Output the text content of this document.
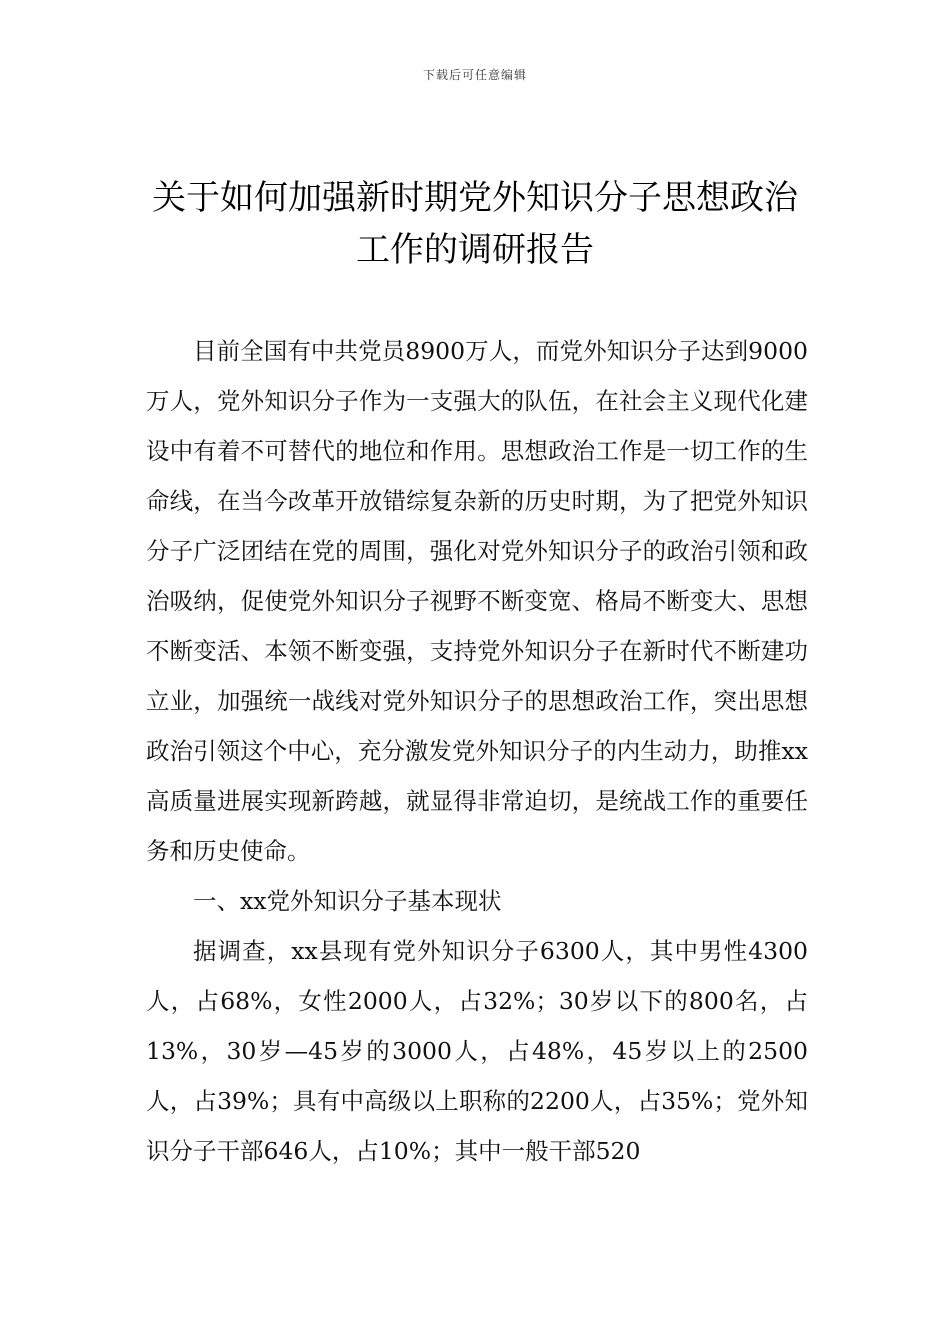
下载后可任意编辑
关于如何加强新时期党外知识分子思想政治工作的调研报告

目前全国有中共党员8900万人，而党外知识分子达到9000万人，党外知识分子作为一支强大的队伍，在社会主义现代化建设中有着不可替代的地位和作用。思想政治工作是一切工作的生命线，在当今改革开放错综复杂新的历史时期，为了把党外知识分子广泛团结在党的周围，强化对党外知识分子的政治引领和政治吸纳，促使党外知识分子视野不断变宽、格局不断变大、思想不断变活、本领不断变强，支持党外知识分子在新时代不断建功立业，加强统一战线对党外知识分子的思想政治工作，突出思想政治引领这个中心，充分激发党外知识分子的内生动力，助推xx高质量进展实现新跨越，就显得非常迫切，是统战工作的重要任务和历史使命。

一、xx党外知识分子基本现状

据调查，xx县现有党外知识分子6300人，其中男性4300人，占68%，女性2000人，占32%；30岁以下的800名，占13%，30岁—45岁的3000人，占48%，45岁以上的2500人，占39%；具有中高级以上职称的2200人，占35%；党外知识分子干部646人，占10%；其中一般干部520
